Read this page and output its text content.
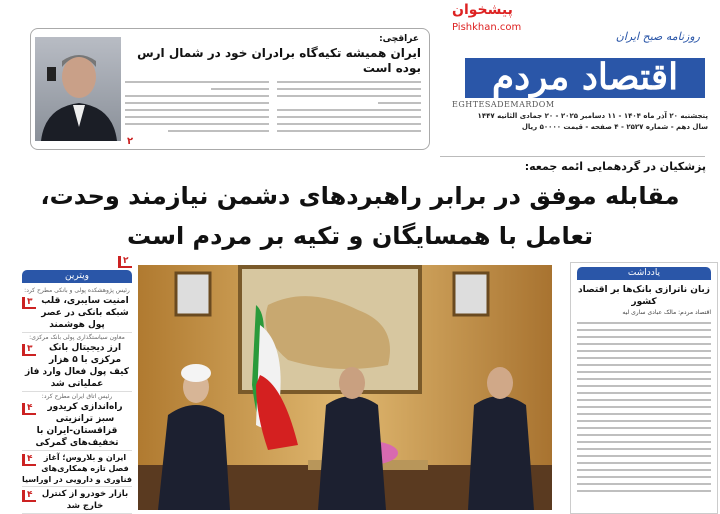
پیشخوان
Pishkhan.com
روزنامه صبح ایران
اقتصاد مردم
EGHTESADEMARDOM
پنجشنبه ۲۰ آذر ماه ۱۴۰۴ - ۱۱ دسامبر ۲۰۲۵ - ۲۰ جمادی الثانیه ۱۴۴۷
سال دهم - شماره ۲۵۲۷ - ۴ صفحه - قیمت ۵۰۰۰۰ ریال
عراقچی:
ایران همیشه تکیه‌گاه برادران خود در شمال ارس بوده است
۲
پزشکیان در گردهمایی ائمه جمعه:
مقابله موفق در برابر راهبردهای دشمن نیازمند وحدت،
تعامل با همسایگان و تکیه بر مردم است
۲
ویترین
رئیس پژوهشکده پولی و بانکی مطرح کرد:
۳ امنیت سایبری، قلب شبکه بانکی در عصر پول هوشمند
معاون سیاستگذاری پولی بانک مرکزی:
۳	ارز دیجیتال بانک مرکزی با ۵ هزار کیف پول فعال وارد فاز عملیاتی شد
رئیس اتاق ایران مطرح کرد:
۴	راه‌اندازی کریدور سبز ترانزیتی قزاقستان-ایران با تخفیف‌های گمرکی
۴	ایران و بلاروس؛ آغاز فصل تازه همکاری‌های فناوری و دارویی در اوراسیا
۴	بازار خودرو از کنترل خارج شد
یادداشت
زبان ناترازی بانک‌ها بر اقتصاد کشور
اقتصاد مردم: مالک عبادی ساری لیه
